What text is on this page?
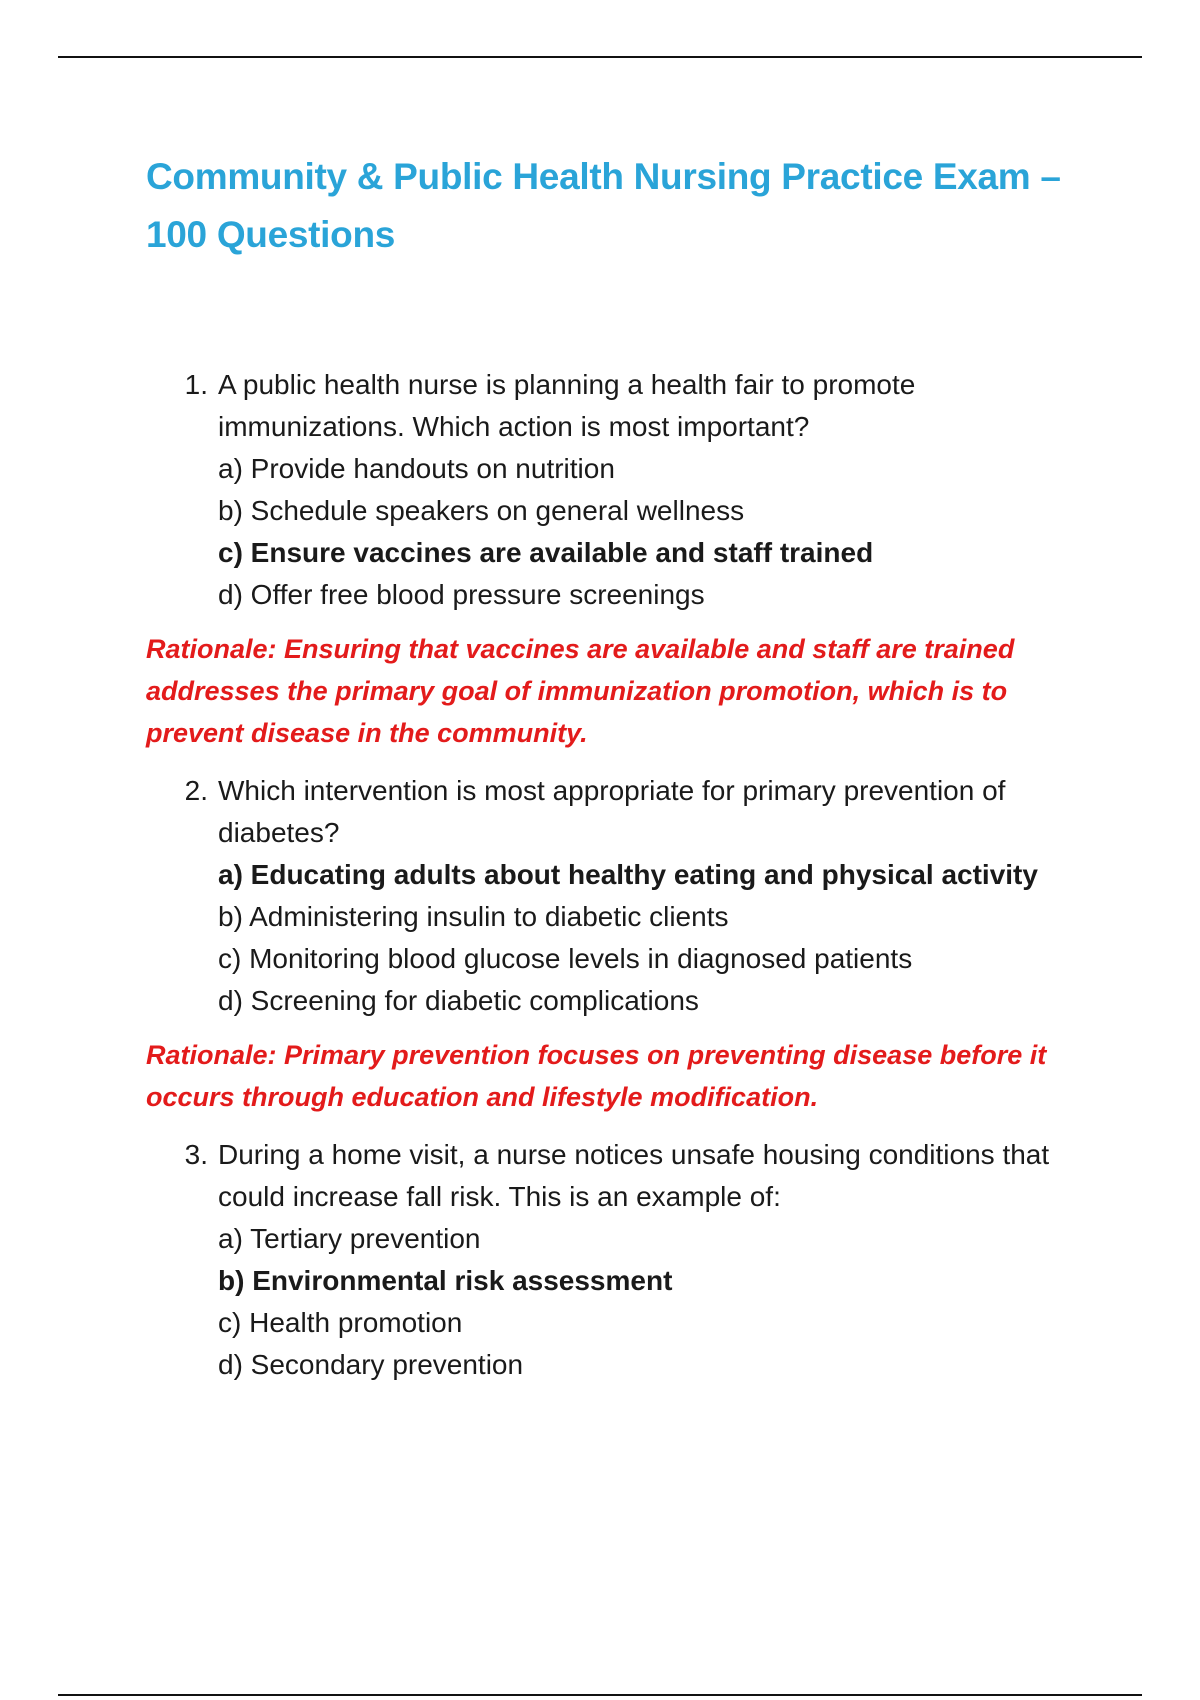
Community & Public Health Nursing Practice Exam – 100 Questions
1. A public health nurse is planning a health fair to promote immunizations. Which action is most important?
a) Provide handouts on nutrition
b) Schedule speakers on general wellness
c) Ensure vaccines are available and staff trained
d) Offer free blood pressure screenings

Rationale: Ensuring that vaccines are available and staff are trained addresses the primary goal of immunization promotion, which is to prevent disease in the community.

2. Which intervention is most appropriate for primary prevention of diabetes?
a) Educating adults about healthy eating and physical activity
b) Administering insulin to diabetic clients
c) Monitoring blood glucose levels in diagnosed patients
d) Screening for diabetic complications

Rationale: Primary prevention focuses on preventing disease before it occurs through education and lifestyle modification.

3. During a home visit, a nurse notices unsafe housing conditions that could increase fall risk. This is an example of:
a) Tertiary prevention
b) Environmental risk assessment
c) Health promotion
d) Secondary prevention
